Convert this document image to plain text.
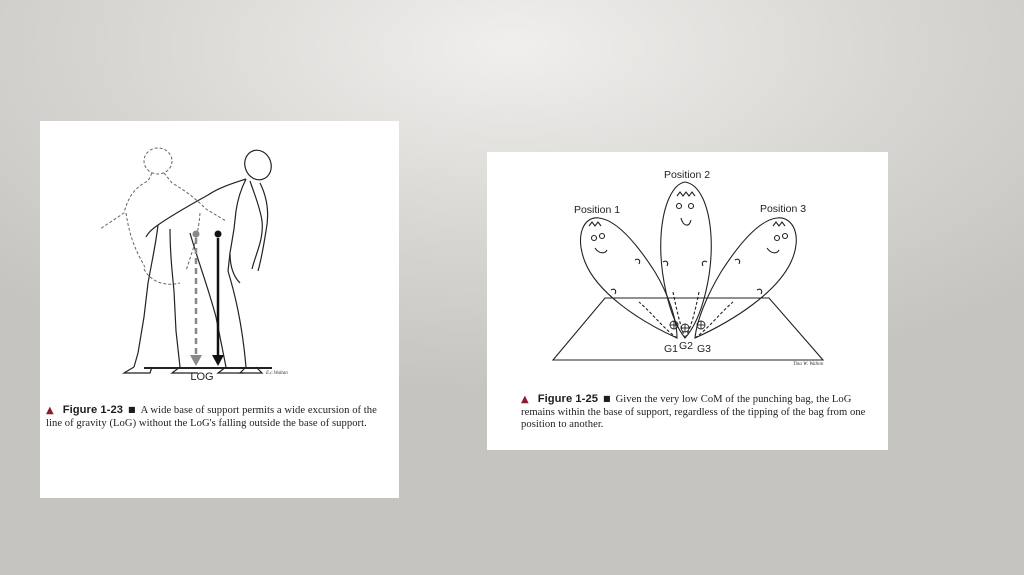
LOG	E.c.Waltan
▲ Figure 1-23 ■ A wide base of support permits a wide excursion of the line of gravity (LoG) without the LoG's falling outside the base of support.
Position 2
Position 1	Position 3
G1 G2 G3
Tina W. Walton
▲ Figure 1-25 ■ Given the very low CoM of the punching bag, the LoG remains within the base of support, regardless of the tipping of the bag from one position to another.
